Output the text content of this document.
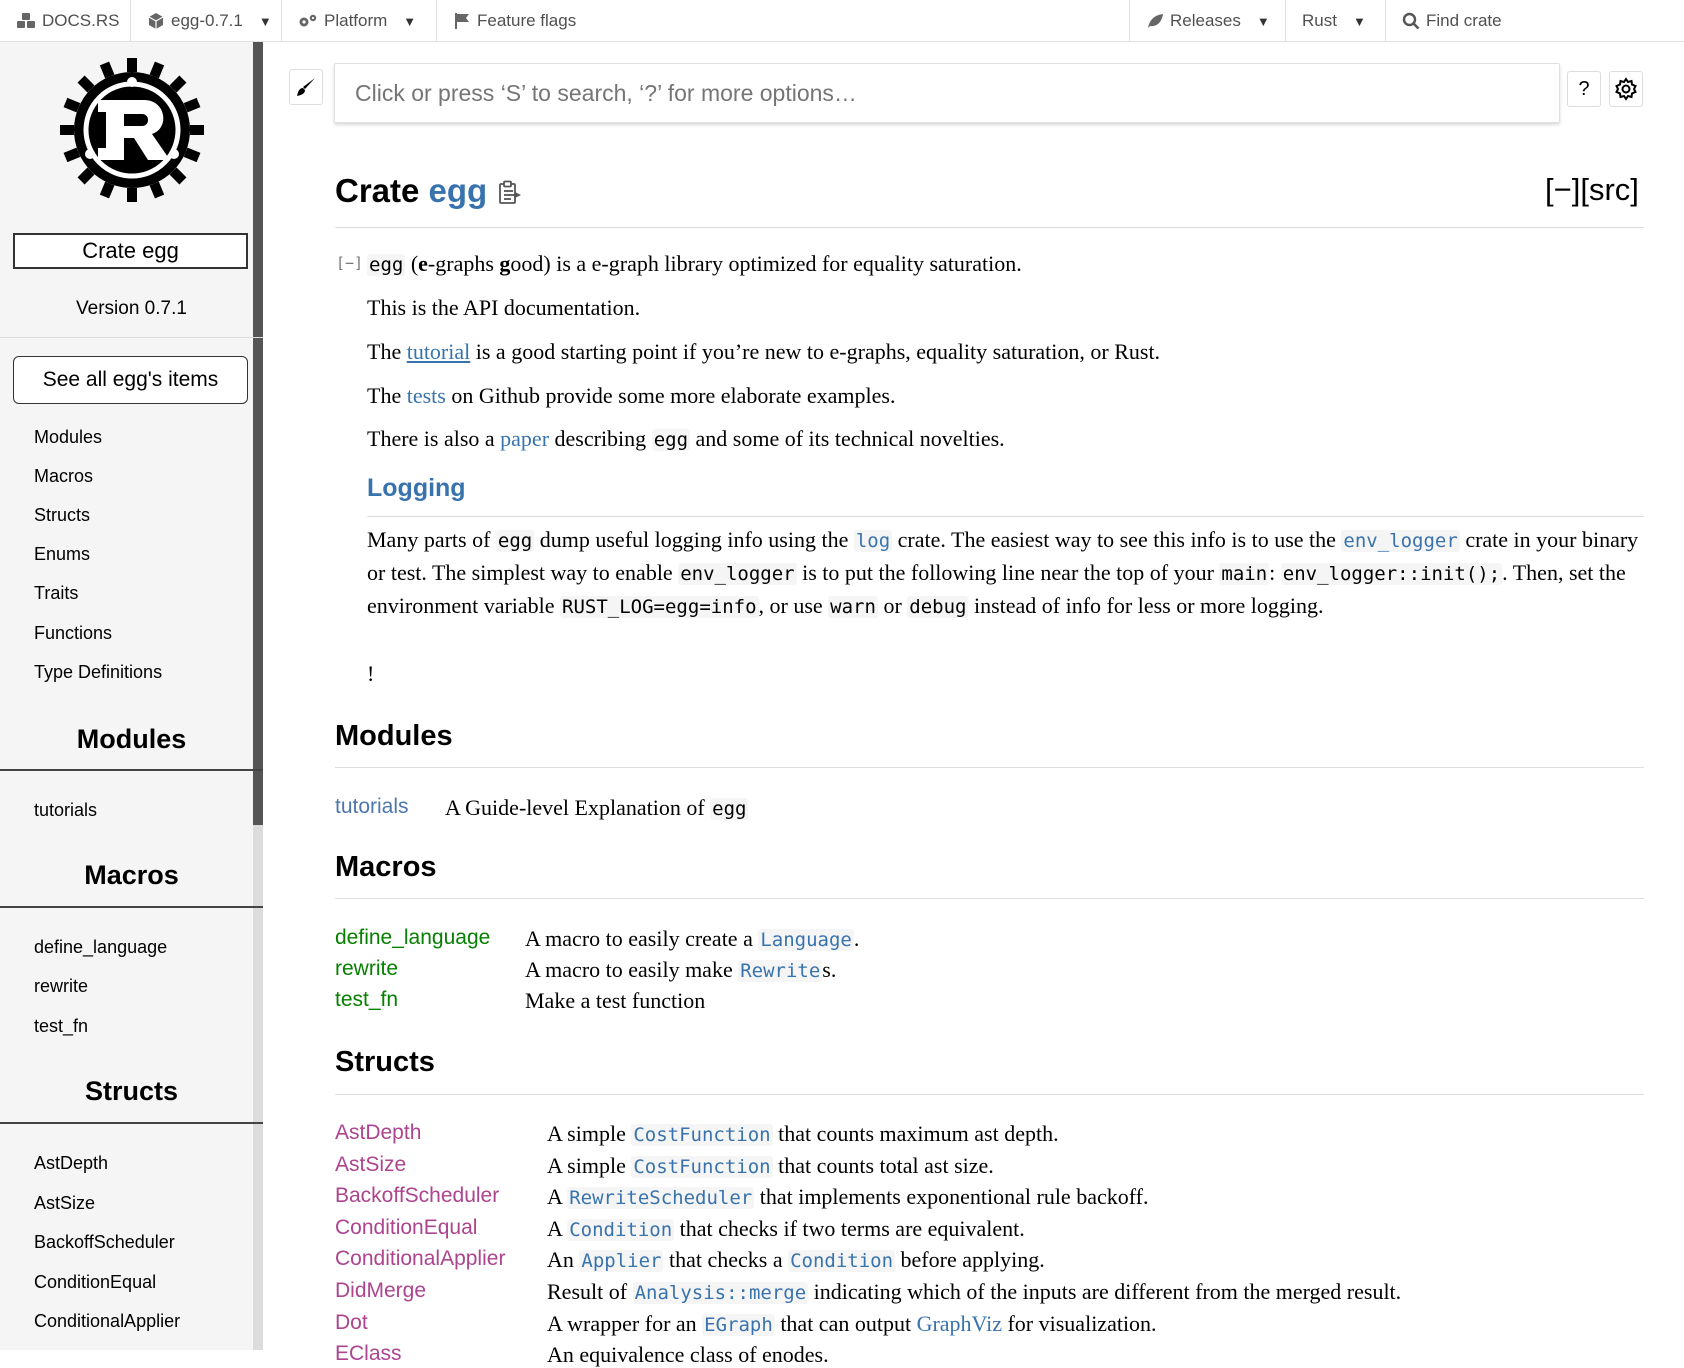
DOCS.RS	egg-0.7.1 ▼	Platform ▼	Feature flags	Releases ▼ Rust ▼	Find crate
Crate egg
Version 0.7.1
See all egg's items
Modules
Macros
Structs
Enums
Traits
Functions
Type Definitions
Modules
tutorials
Macros
define_language
rewrite
test_fn
Structs
AstDepth
AstSize
BackoffScheduler
ConditionEqual
ConditionalApplier
Click or press ‘S’ to search, ‘?’ for more options…
?
Crate egg	[−][src]
[−] egg (e-graphs good) is a e-graph library optimized for equality saturation.
This is the API documentation.
The tutorial is a good starting point if you’re new to e-graphs, equality saturation, or Rust.
The tests on Github provide some more elaborate examples.
There is also a paper describing egg and some of its technical novelties.
Logging
Many parts of egg dump useful logging info using the log crate. The easiest way to see this info is to use the env_logger crate in your binary or test. The simplest way to enable env_logger is to put the following line near the top of your main: env_logger::init();. Then, set the environment variable RUST_LOG=egg=info, or use warn or debug instead of info for less or more logging.
!
Modules
tutorials A Guide-level Explanation of egg
Macros
define_language A macro to easily create a Language.
rewrite	A macro to easily make Rewrites.
test_fn	Make a test function
Structs
AstDepth	A simple CostFunction that counts maximum ast depth.
AstSize	A simple CostFunction that counts total ast size.
BackoffScheduler A RewriteScheduler that implements exponentional rule backoff.
ConditionEqual	A Condition that checks if two terms are equivalent.
ConditionalApplier An Applier that checks a Condition before applying.
DidMerge	Result of Analysis::merge indicating which of the inputs are different from the merged result.
Dot	A wrapper for an EGraph that can output GraphViz for visualization.
EClass	An equivalence class of enodes.
